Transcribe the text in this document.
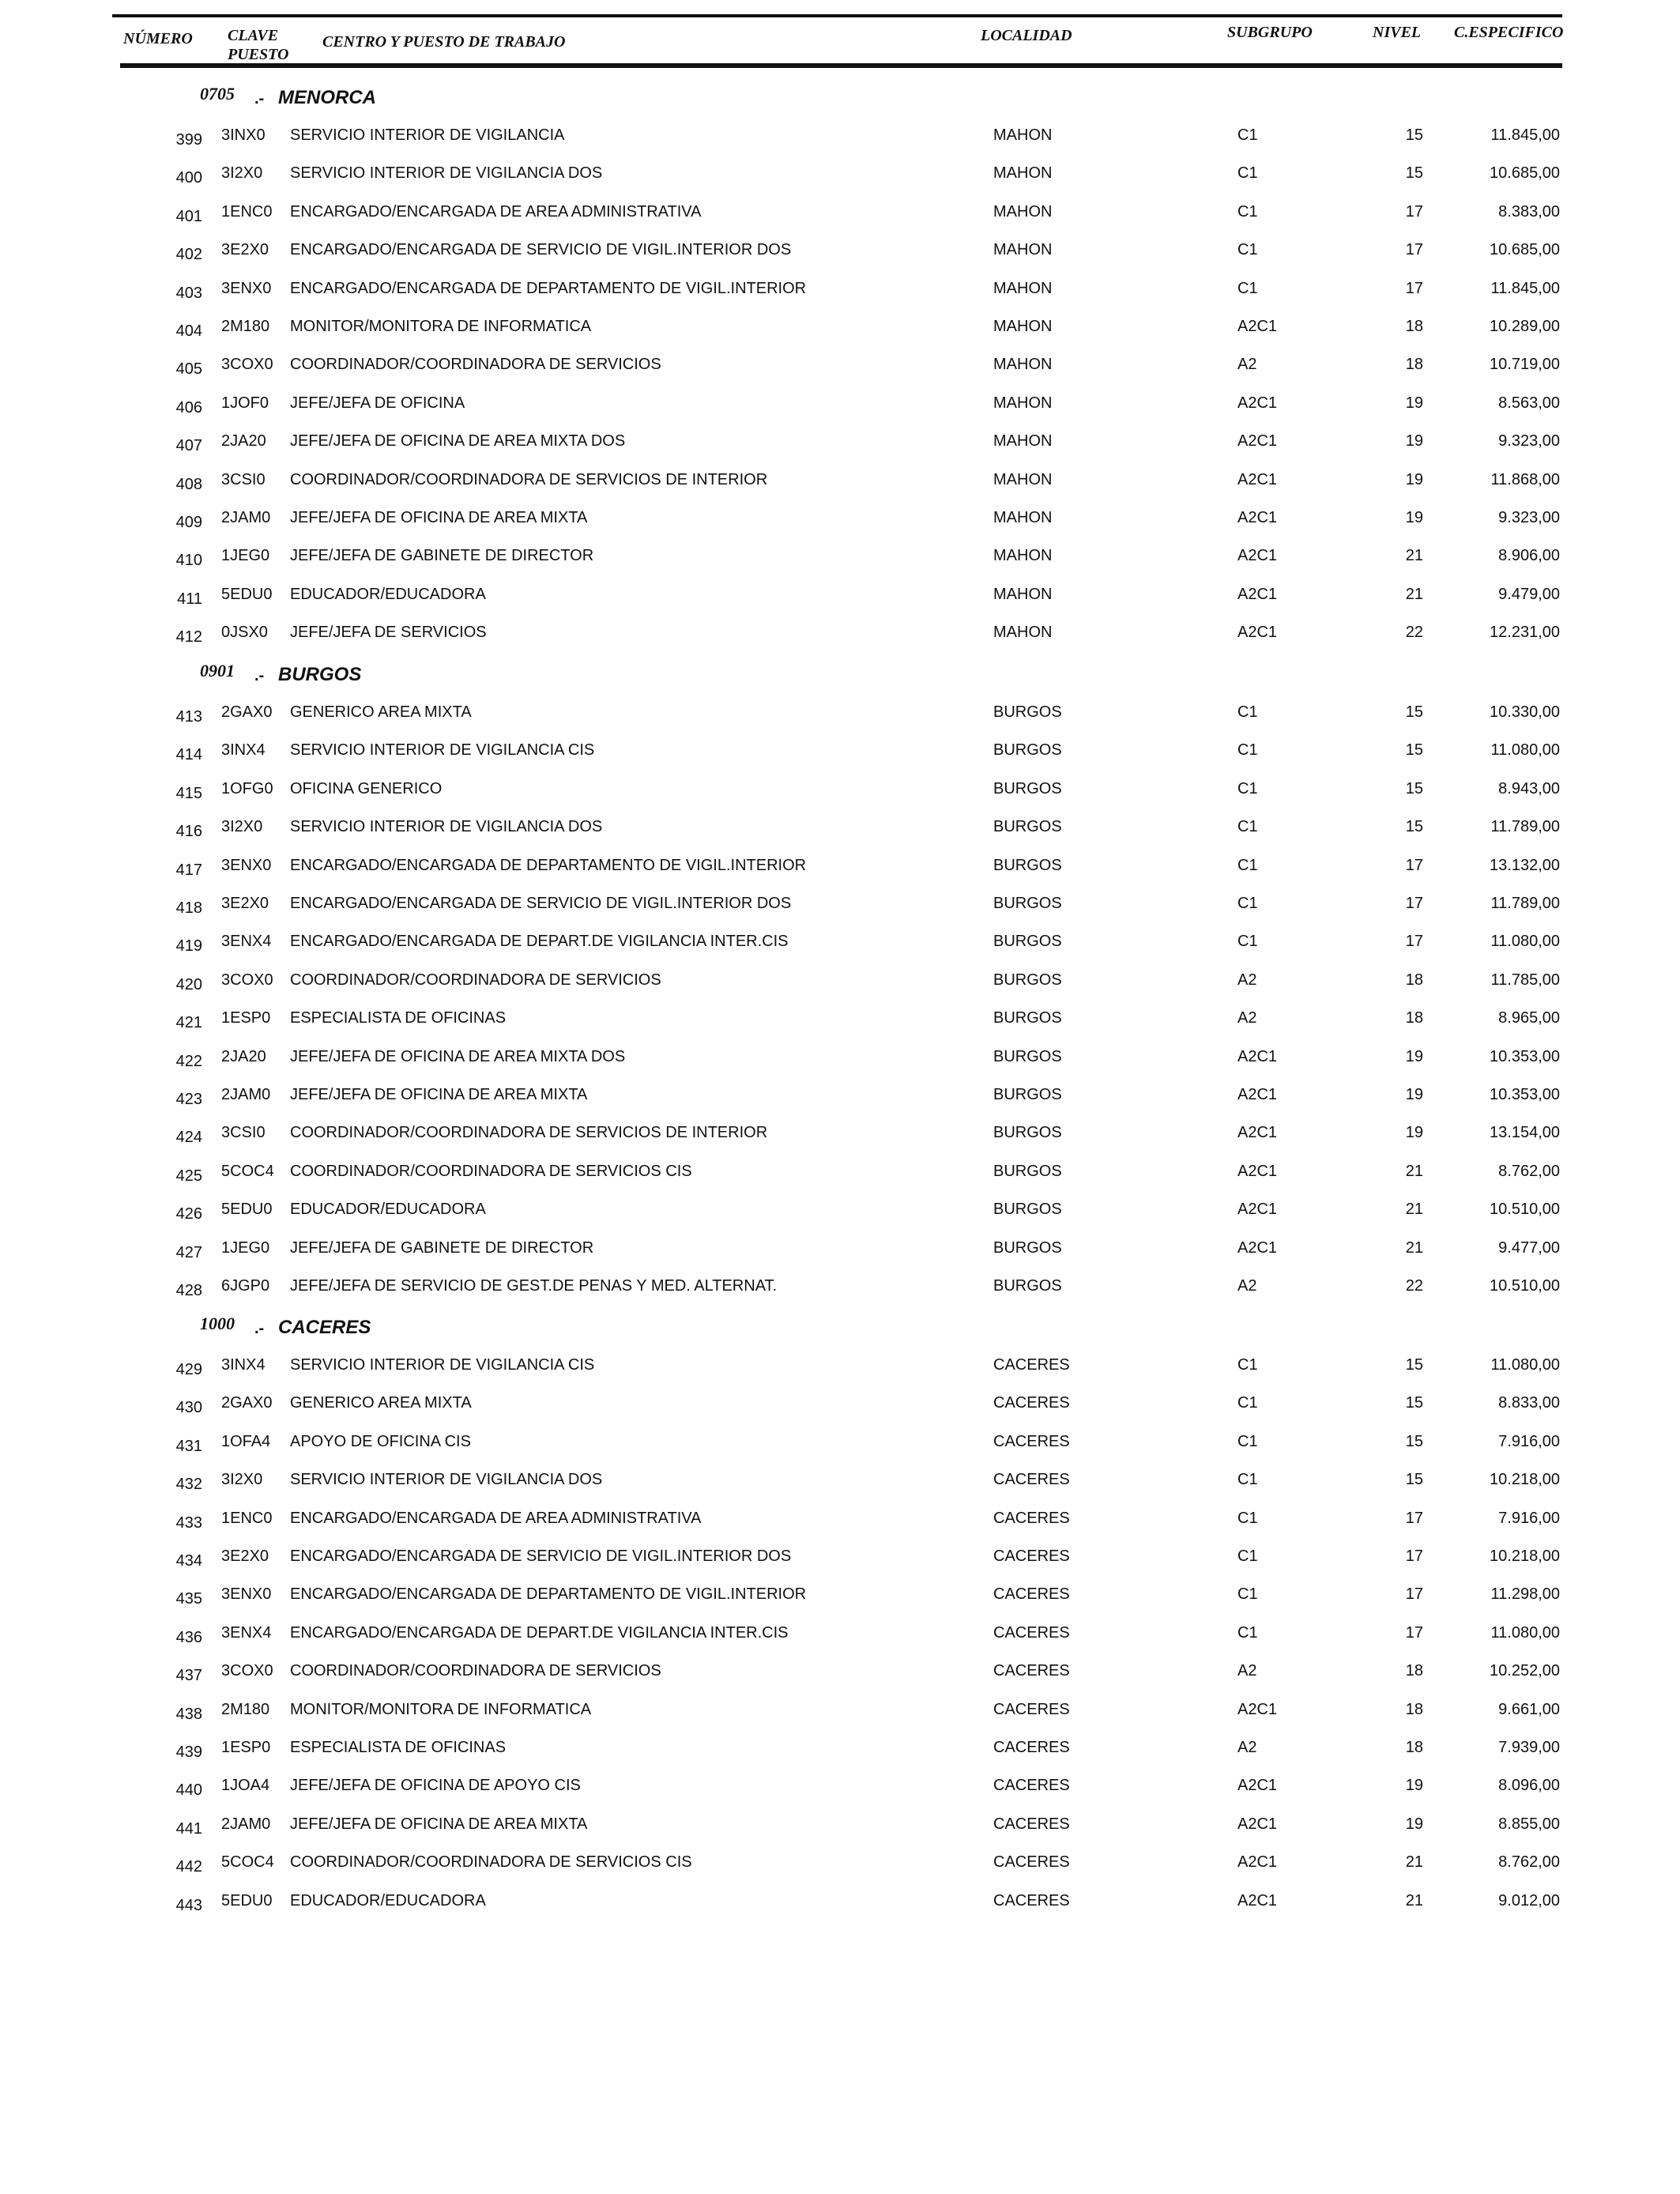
NÚMERO CLAVE
PUESTO
CENTRO Y PUESTO DE TRABAJO	LOCALIDAD	SUBGRUPO	NIVEL C.ESPECIFICO
0705 .- MENORCA
399 3INX0 SERVICIO INTERIOR DE VIGILANCIA	MAHON	C1	15	11.845,00
400 3I2X0 SERVICIO INTERIOR DE VIGILANCIA DOS	MAHON	C1	15	10.685,00
401 1ENC0 ENCARGADO/ENCARGADA DE AREA ADMINISTRATIVA	MAHON	C1	17	8.383,00
402 3E2X0 ENCARGADO/ENCARGADA DE SERVICIO DE VIGIL.INTERIOR DOS	MAHON	C1	17	10.685,00
403 3ENX0 ENCARGADO/ENCARGADA DE DEPARTAMENTO DE VIGIL.INTERIOR	MAHON	C1	17	11.845,00
404 2M180 MONITOR/MONITORA DE INFORMATICA	MAHON	A2C1	18	10.289,00
405 3COX0 COORDINADOR/COORDINADORA DE SERVICIOS	MAHON	A2	18	10.719,00
406 1JOF0 JEFE/JEFA DE OFICINA	MAHON	A2C1	19	8.563,00
407 2JA20 JEFE/JEFA DE OFICINA DE AREA MIXTA DOS	MAHON	A2C1	19	9.323,00
408 3CSI0 COORDINADOR/COORDINADORA DE SERVICIOS DE INTERIOR	MAHON	A2C1	19	11.868,00
409 2JAM0 JEFE/JEFA DE OFICINA DE AREA MIXTA	MAHON	A2C1	19	9.323,00
410 1JEG0 JEFE/JEFA DE GABINETE DE DIRECTOR	MAHON	A2C1	21	8.906,00
411 5EDU0 EDUCADOR/EDUCADORA	MAHON	A2C1	21	9.479,00
412 0JSX0 JEFE/JEFA DE SERVICIOS	MAHON	A2C1	22	12.231,00
0901 .- BURGOS
413 2GAX0 GENERICO AREA MIXTA	BURGOS	C1	15	10.330,00
414 3INX4 SERVICIO INTERIOR DE VIGILANCIA CIS	BURGOS	C1	15	11.080,00
415 1OFG0 OFICINA GENERICO	BURGOS	C1	15	8.943,00
416 3I2X0 SERVICIO INTERIOR DE VIGILANCIA DOS	BURGOS	C1	15	11.789,00
417 3ENX0 ENCARGADO/ENCARGADA DE DEPARTAMENTO DE VIGIL.INTERIOR	BURGOS	C1	17	13.132,00
418 3E2X0 ENCARGADO/ENCARGADA DE SERVICIO DE VIGIL.INTERIOR DOS	BURGOS	C1	17	11.789,00
419 3ENX4 ENCARGADO/ENCARGADA DE DEPART.DE VIGILANCIA INTER.CIS	BURGOS	C1	17	11.080,00
420 3COX0 COORDINADOR/COORDINADORA DE SERVICIOS	BURGOS	A2	18	11.785,00
421 1ESP0 ESPECIALISTA DE OFICINAS	BURGOS	A2	18	8.965,00
422 2JA20 JEFE/JEFA DE OFICINA DE AREA MIXTA DOS	BURGOS	A2C1	19	10.353,00
423 2JAM0 JEFE/JEFA DE OFICINA DE AREA MIXTA	BURGOS	A2C1	19	10.353,00
424 3CSI0 COORDINADOR/COORDINADORA DE SERVICIOS DE INTERIOR	BURGOS	A2C1	19	13.154,00
425 5COC4 COORDINADOR/COORDINADORA DE SERVICIOS CIS	BURGOS	A2C1	21	8.762,00
426 5EDU0 EDUCADOR/EDUCADORA	BURGOS	A2C1	21	10.510,00
427 1JEG0 JEFE/JEFA DE GABINETE DE DIRECTOR	BURGOS	A2C1	21	9.477,00
428 6JGP0 JEFE/JEFA DE SERVICIO DE GEST.DE PENAS Y MED. ALTERNAT.	BURGOS	A2	22	10.510,00
1000 .- CACERES
429 3INX4 SERVICIO INTERIOR DE VIGILANCIA CIS	CACERES	C1	15	11.080,00
430 2GAX0 GENERICO AREA MIXTA	CACERES	C1	15	8.833,00
431 1OFA4 APOYO DE OFICINA CIS	CACERES	C1	15	7.916,00
432 3I2X0 SERVICIO INTERIOR DE VIGILANCIA DOS	CACERES	C1	15	10.218,00
433 1ENC0 ENCARGADO/ENCARGADA DE AREA ADMINISTRATIVA	CACERES	C1	17	7.916,00
434 3E2X0 ENCARGADO/ENCARGADA DE SERVICIO DE VIGIL.INTERIOR DOS	CACERES	C1	17	10.218,00
435 3ENX0 ENCARGADO/ENCARGADA DE DEPARTAMENTO DE VIGIL.INTERIOR	CACERES	C1	17	11.298,00
436 3ENX4 ENCARGADO/ENCARGADA DE DEPART.DE VIGILANCIA INTER.CIS	CACERES	C1	17	11.080,00
437 3COX0 COORDINADOR/COORDINADORA DE SERVICIOS	CACERES	A2	18	10.252,00
438 2M180 MONITOR/MONITORA DE INFORMATICA	CACERES	A2C1	18	9.661,00
439 1ESP0 ESPECIALISTA DE OFICINAS	CACERES	A2	18	7.939,00
440 1JOA4 JEFE/JEFA DE OFICINA DE APOYO CIS	CACERES	A2C1	19	8.096,00
441 2JAM0 JEFE/JEFA DE OFICINA DE AREA MIXTA	CACERES	A2C1	19	8.855,00
442 5COC4 COORDINADOR/COORDINADORA DE SERVICIOS CIS	CACERES	A2C1	21	8.762,00
443 5EDU0 EDUCADOR/EDUCADORA	CACERES	A2C1	21	9.012,00
